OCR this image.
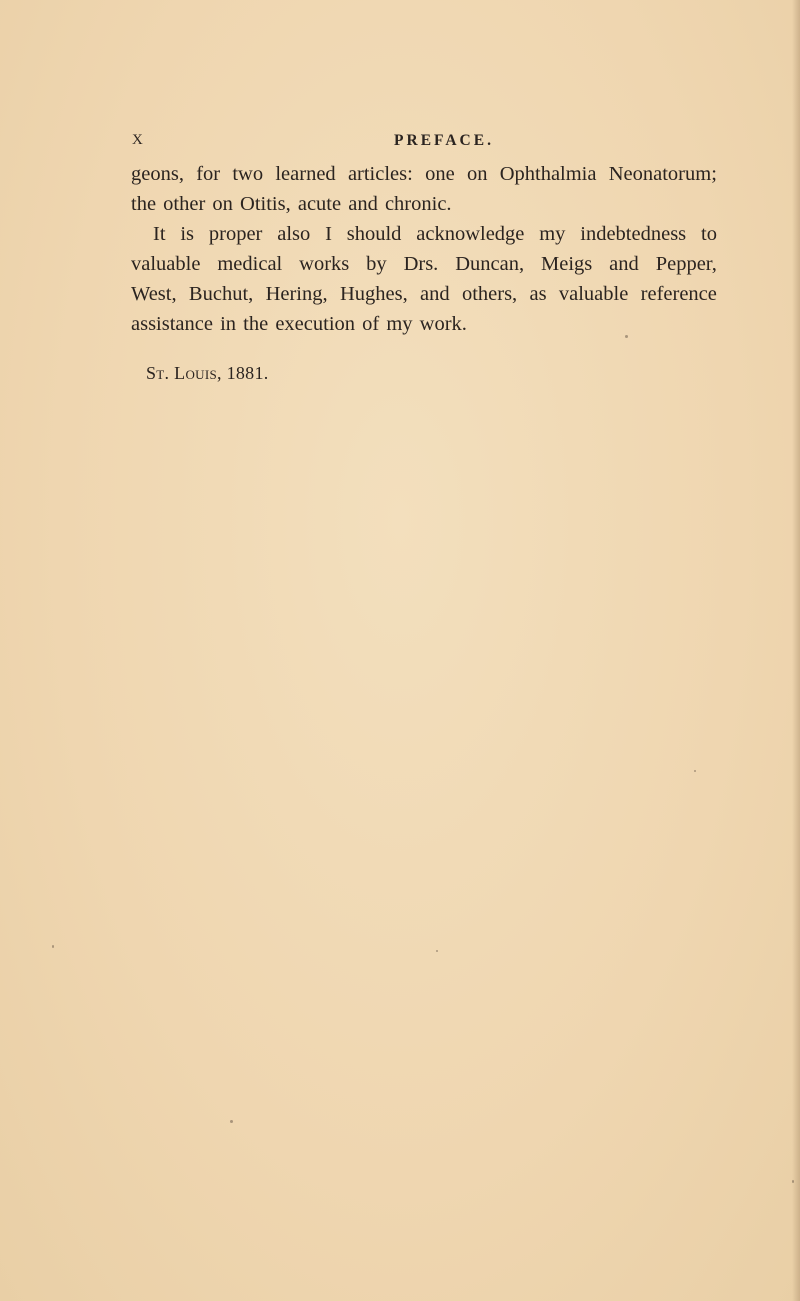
X	PREFACE.
geons, for two learned articles: one on Ophthalmia Neonatorum;
the other on Otitis, acute and chronic.
It is proper also I should acknowledge my indebtedness to
valuable medical works by Drs. Duncan, Meigs and Pepper,
West, Buchut, Hering, Hughes, and others, as valuable reference
assistance in the execution of my work.
St. Louis, 1881.
